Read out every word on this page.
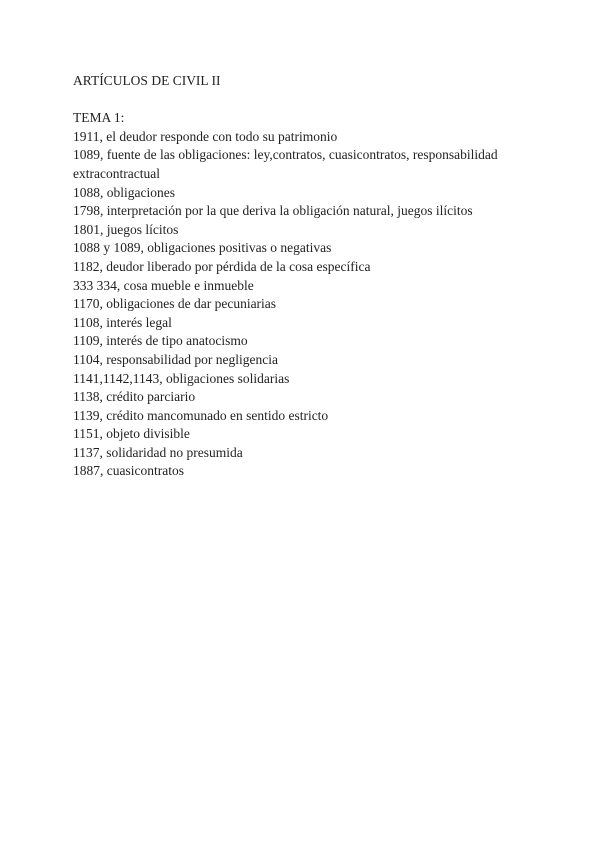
ARTÍCULOS DE CIVIL II
TEMA 1:
1911, el deudor responde con todo su patrimonio
1089, fuente de las obligaciones: ley,contratos, cuasicontratos, responsabilidad extracontractual
1088, obligaciones
1798, interpretación por la que deriva la obligación natural, juegos ilícitos
1801, juegos lícitos
1088 y 1089, obligaciones positivas o negativas
1182, deudor liberado por pérdida de la cosa específica
333 334, cosa mueble e inmueble
1170, obligaciones de dar pecuniarias
1108, interés legal
1109, interés de tipo anatocismo
1104, responsabilidad por negligencia
1141,1142,1143, obligaciones solidarias
1138, crédito parciario
1139, crédito mancomunado en sentido estricto
1151, objeto divisible
1137, solidaridad no presumida
1887, cuasicontratos
